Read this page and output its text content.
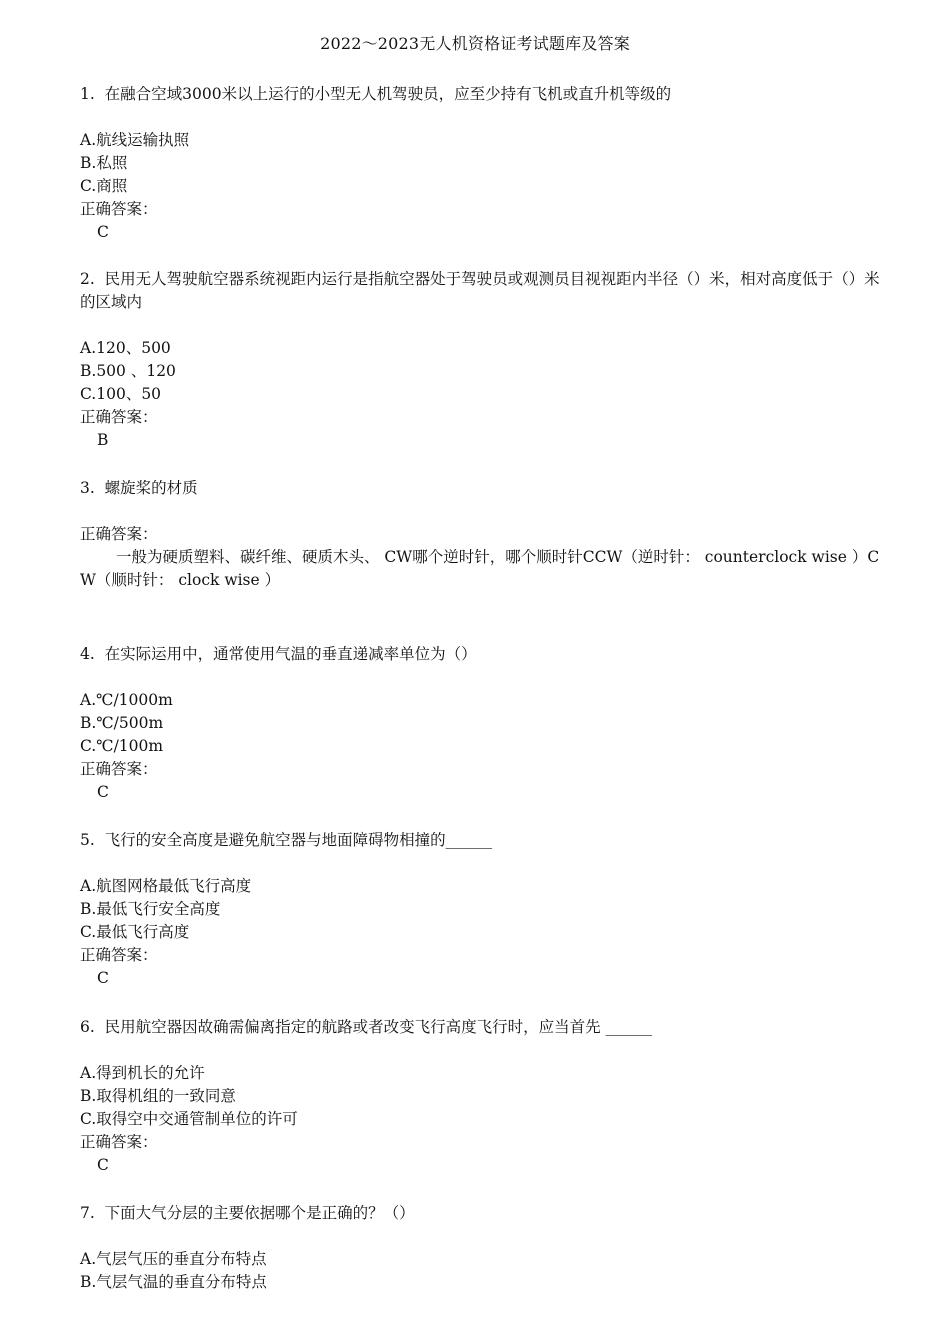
2022～2023无人机资格证考试题库及答案
1. 在融合空域3000米以上运行的小型无人机驾驶员，应至少持有飞机或直升机等级的
A.航线运输执照
B.私照
C.商照
正确答案：
C
2. 民用无人驾驶航空器系统视距内运行是指航空器处于驾驶员或观测员目视视距内半径（）米，相对高度低于（）米的区域内
A.120、500
B.500 、120
C.100、50
正确答案：
B
3. 螺旋桨的材质
正确答案：
一般为硬质塑料、碳纤维、硬质木头、 CW哪个逆时针，哪个顺时针CCW（逆时针： counterclock wise ）CW（顺时针： clock wise ）
4. 在实际运用中，通常使用气温的垂直递减率单位为（）
A.℃/1000m
B.℃/500m
C.℃/100m
正确答案：
C
5. 飞行的安全高度是避免航空器与地面障碍物相撞的______
A.航图网格最低飞行高度
B.最低飞行安全高度
C.最低飞行高度
正确答案：
C
6. 民用航空器因故确需偏离指定的航路或者改变飞行高度飞行时，应当首先 ______
A.得到机长的允许
B.取得机组的一致同意
C.取得空中交通管制单位的许可
正确答案：
C
7. 下面大气分层的主要依据哪个是正确的？（）
A.气层气压的垂直分布特点
B.气层气温的垂直分布特点
